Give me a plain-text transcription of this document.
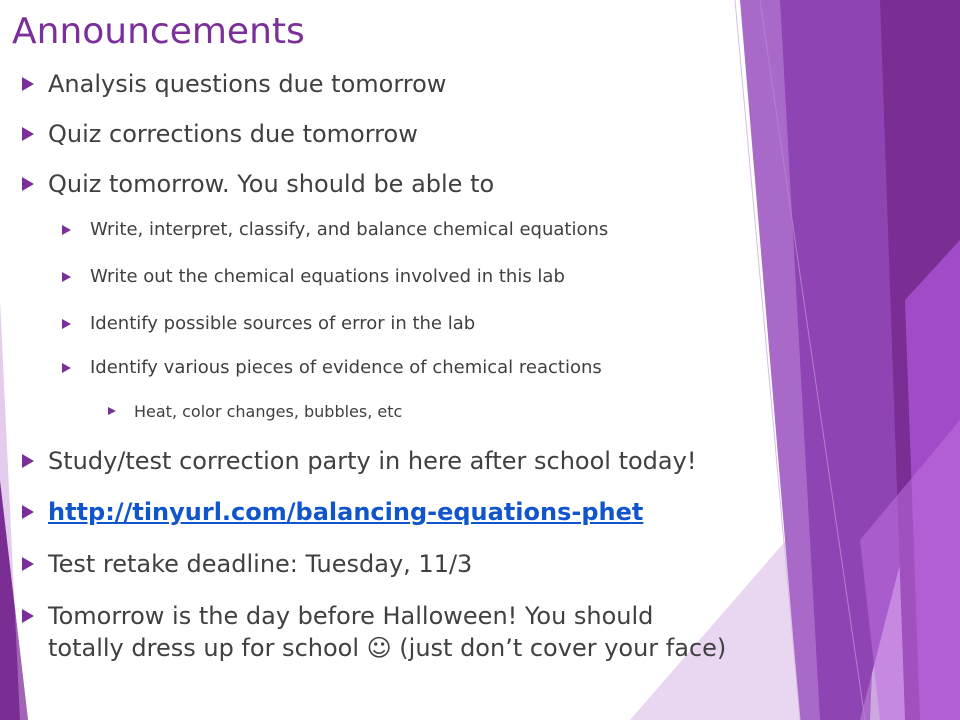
Announcements
Analysis questions due tomorrow
Quiz corrections due tomorrow
Quiz tomorrow. You should be able to
Write, interpret, classify, and balance chemical equations
Write out the chemical equations involved in this lab
Identify possible sources of error in the lab
Identify various pieces of evidence of chemical reactions
Heat, color changes, bubbles, etc
Study/test correction party in here after school today!
http://tinyurl.com/balancing-equations-phet
Test retake deadline: Tuesday, 11/3
Tomorrow is the day before Halloween! You should
totally dress up for school ☺ (just don’t cover your face)
